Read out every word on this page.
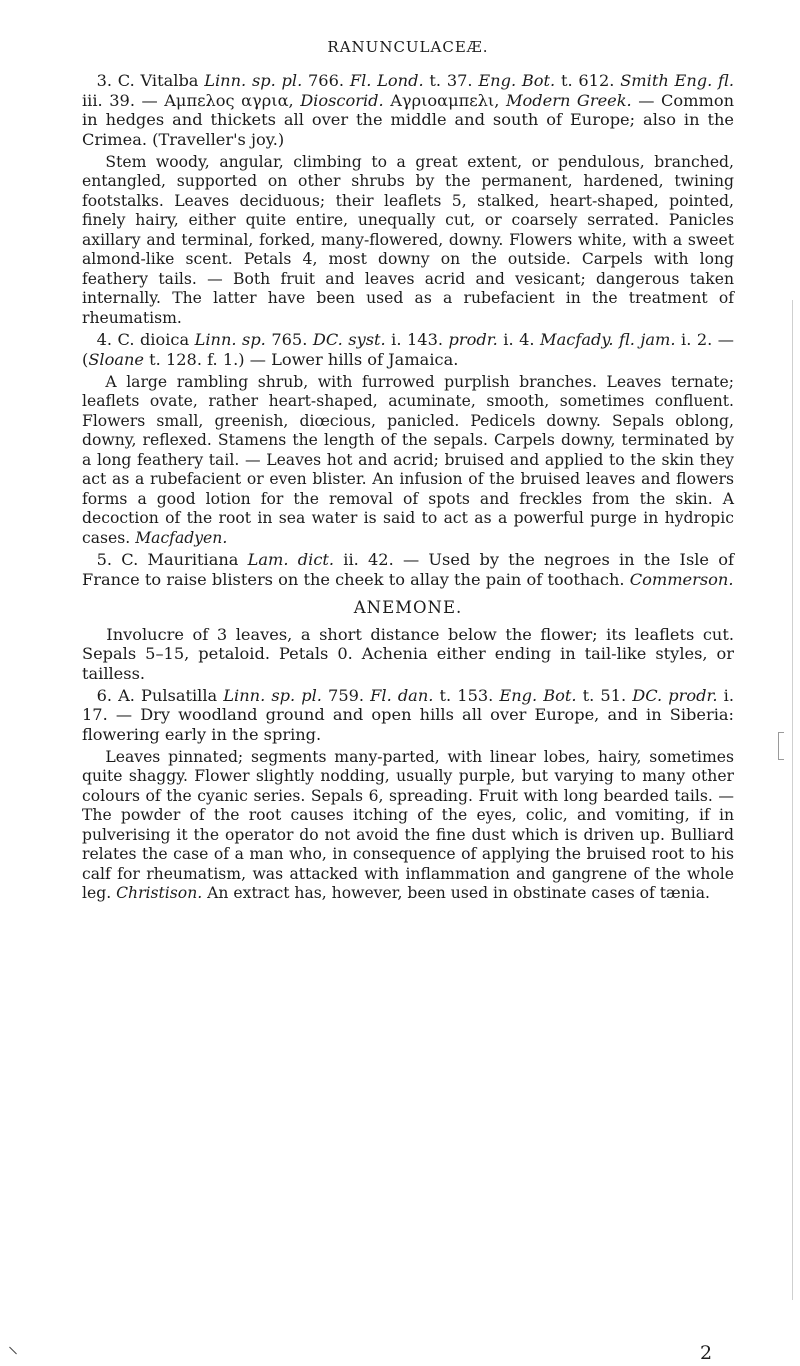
RANUNCULACEÆ.

3. C. Vitalba Linn. sp. pl. 766. Fl. Lond. t. 37. Eng. Bot. t. 612. Smith Eng. fl. iii. 39. — Αμπελος αγρια, Dioscorid. Αγριοαμπελι, Modern Greek. — Common in hedges and thickets all over the middle and south of Europe; also in the Crimea. (Traveller's joy.)

Stem woody, angular, climbing to a great extent, or pendulous, branched, entangled, supported on other shrubs by the permanent, hardened, twining footstalks. Leaves deciduous; their leaflets 5, stalked, heart-shaped, pointed, finely hairy, either quite entire, unequally cut, or coarsely serrated. Panicles axillary and terminal, forked, many-flowered, downy. Flowers white, with a sweet almond-like scent. Petals 4, most downy on the outside. Carpels with long feathery tails. — Both fruit and leaves acrid and vesicant; dangerous taken internally. The latter have been used as a rubefacient in the treatment of rheumatism.

4. C. dioica Linn. sp. 765. DC. syst. i. 143. prodr. i. 4. Macfady. fl. jam. i. 2. — (Sloane t. 128. f. 1.) — Lower hills of Jamaica.

A large rambling shrub, with furrowed purplish branches. Leaves ternate; leaflets ovate, rather heart-shaped, acuminate, smooth, sometimes confluent. Flowers small, greenish, diœcious, panicled. Pedicels downy. Sepals oblong, downy, reflexed. Stamens the length of the sepals. Carpels downy, terminated by a long feathery tail. — Leaves hot and acrid; bruised and applied to the skin they act as a rubefacient or even blister. An infusion of the bruised leaves and flowers forms a good lotion for the removal of spots and freckles from the skin. A decoction of the root in sea water is said to act as a powerful purge in hydropic cases. Macfadyen.

5. C. Mauritiana Lam. dict. ii. 42. — Used by the negroes in the Isle of France to raise blisters on the cheek to allay the pain of toothach. Commerson.

ANEMONE.

Involucre of 3 leaves, a short distance below the flower; its leaflets cut. Sepals 5–15, petaloid. Petals 0. Achenia either ending in tail-like styles, or tailless.

6. A. Pulsatilla Linn. sp. pl. 759. Fl. dan. t. 153. Eng. Bot. t. 51. DC. prodr. i. 17. — Dry woodland ground and open hills all over Europe, and in Siberia: flowering early in the spring.

Leaves pinnated; segments many-parted, with linear lobes, hairy, sometimes quite shaggy. Flower slightly nodding, usually purple, but varying to many other colours of the cyanic series. Sepals 6, spreading. Fruit with long bearded tails. — The powder of the root causes itching of the eyes, colic, and vomiting, if in pulverising it the operator do not avoid the fine dust which is driven up. Bulliard relates the case of a man who, in consequence of applying the bruised root to his calf for rheumatism, was attacked with inflammation and gangrene of the whole leg. Christison. An extract has, however, been used in obstinate cases of tænia.

2
